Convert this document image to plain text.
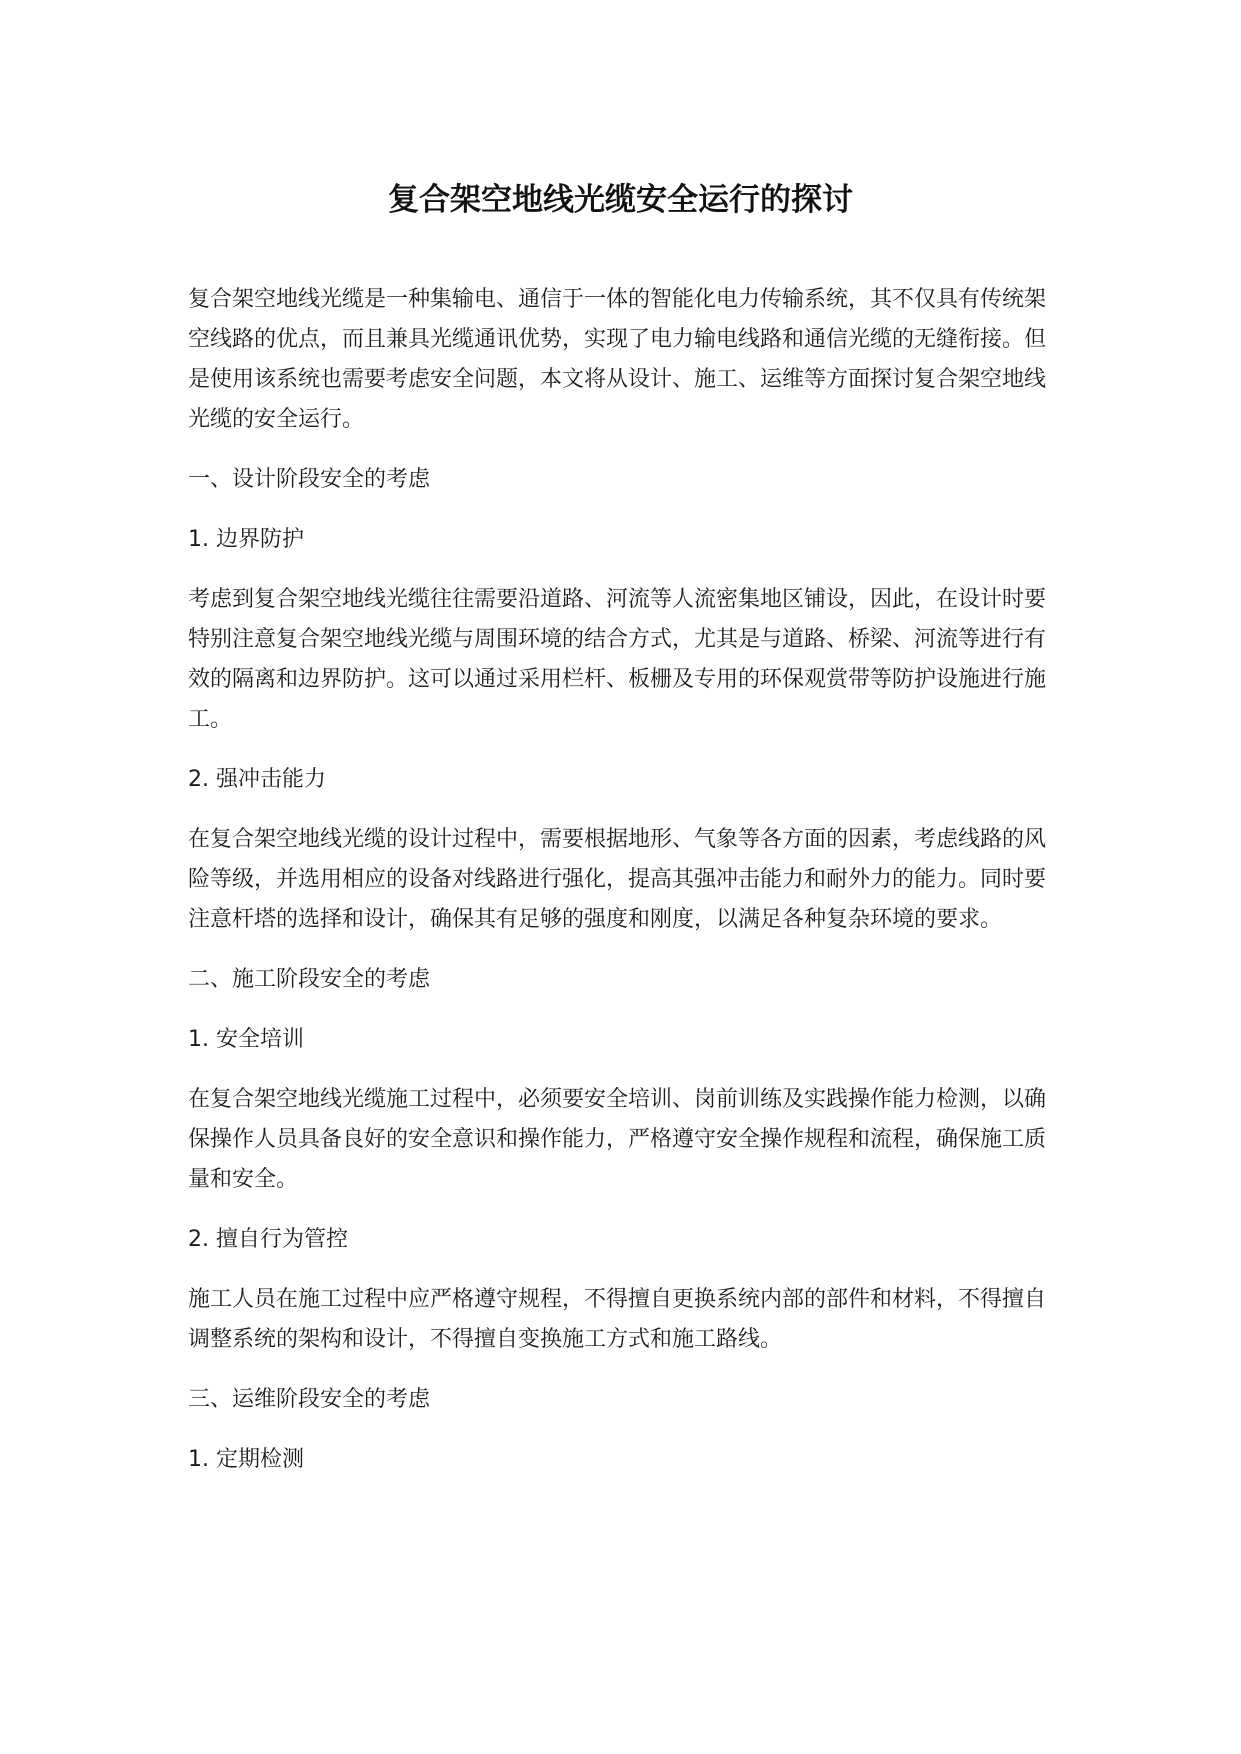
复合架空地线光缆安全运行的探讨

复合架空地线光缆是一种集输电、通信于一体的智能化电力传输系统，其不仅具有传统架空线路的优点，而且兼具光缆通讯优势，实现了电力输电线路和通信光缆的无缝衔接。但是使用该系统也需要考虑安全问题，本文将从设计、施工、运维等方面探讨复合架空地线光缆的安全运行。

一、设计阶段安全的考虑

1. 边界防护

考虑到复合架空地线光缆往往需要沿道路、河流等人流密集地区铺设，因此，在设计时要特别注意复合架空地线光缆与周围环境的结合方式，尤其是与道路、桥梁、河流等进行有效的隔离和边界防护。这可以通过采用栏杆、板栅及专用的环保观赏带等防护设施进行施工。

2. 强冲击能力

在复合架空地线光缆的设计过程中，需要根据地形、气象等各方面的因素，考虑线路的风险等级，并选用相应的设备对线路进行强化，提高其强冲击能力和耐外力的能力。同时要注意杆塔的选择和设计，确保其有足够的强度和刚度，以满足各种复杂环境的要求。

二、施工阶段安全的考虑

1. 安全培训

在复合架空地线光缆施工过程中，必须要安全培训、岗前训练及实践操作能力检测，以确保操作人员具备良好的安全意识和操作能力，严格遵守安全操作规程和流程，确保施工质量和安全。

2. 擅自行为管控

施工人员在施工过程中应严格遵守规程，不得擅自更换系统内部的部件和材料，不得擅自调整系统的架构和设计，不得擅自变换施工方式和施工路线。

三、运维阶段安全的考虑

1. 定期检测
